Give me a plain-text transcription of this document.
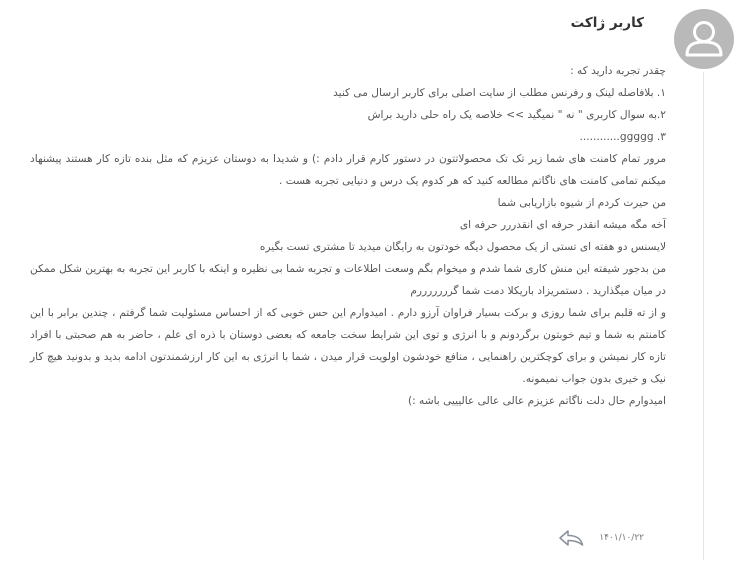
کاربر ژاکت

چقدر تجربه دارید که :

۱. بلافاصله لینک و رفرنس مطلب از سایت اصلی برای کاربر ارسال می کنید

۲.به سوال کاربری " نه " نمیگید >> خلاصه یک راه حلی دارید براش

۳. ggggg............

مرور تمام کامنت های شما زیر تک تک محصولاتتون در دستور کارم قرار دادم :) و شدیدا به دوستان عزیزم که مثل بنده تازه کار هستند پیشنهاد میکنم تمامی کامنت های ناگاتم مطالعه کنید که هر کدوم یک درس و دنیایی تجربه هست .

من حیرت کردم از شیوه بازاریابی شما

آخه مگه میشه انقدر حرفه ای انقدررر حرفه ای

لایسنس دو هفته ای تستی از یک محصول دیگه خودتون به رایگان میدید تا مشتری تست بگیره

من بدجور شیفته این منش کاری شما شدم و میخوام بگم وسعت اطلاعات و تجربه شما بی نظیره و اینکه با کاربر این تجربه به بهترین شکل ممکن در میان میگذارید . دستمریزاد باریکلا دمت شما گرررررررم

و از ته قلبم برای شما روزی و برکت بسیار فراوان آرزو دارم . امیدوارم این حس خوبی که از احساس مسئولیت شما گرفتم ، چندین برابر با این کامنتم به شما و تیم خوبتون برگردونم و با انرژی و توی این شرایط سخت جامعه که بعضی دوستان با ذره ای علم ، حاضر به هم صحبتی با افراد تازه کار نمیشن و برای کوچکترین راهنمایی ، منافع خودشون اولویت قرار میدن ، شما با انرژی به این کار ارزشمندتون ادامه بدید و بدونید هیچ کار نیک و خیری بدون جواب نمیمونه.

امیدوارم حال دلت ناگاتم عزیزم عالی عالی عالیییی باشه :)

۱۴۰۱/۱۰/۲۲
